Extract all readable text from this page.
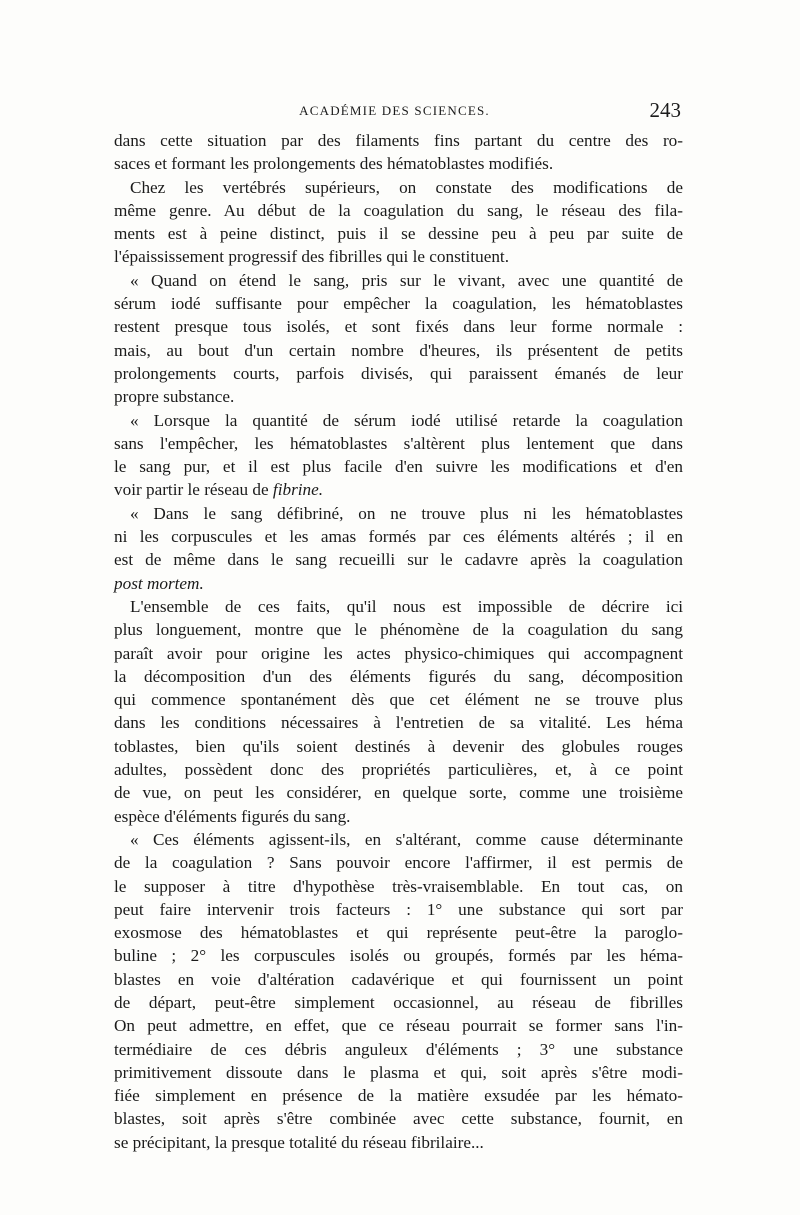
ACADÉMIE DES SCIENCES.	243
dans cette situation par des filaments fins partant du centre des ro-
saces et formant les prolongements des hématoblastes modifiés.
Chez les vertébrés supérieurs, on constate des modifications de
même genre. Au début de la coagulation du sang, le réseau des fila-
ments est à peine distinct, puis il se dessine peu à peu par suite de
l'épaississement progressif des fibrilles qui le constituent.
« Quand on étend le sang, pris sur le vivant, avec une quantité de
sérum iodé suffisante pour empêcher la coagulation, les hématoblastes
restent presque tous isolés, et sont fixés dans leur forme normale :
mais, au bout d'un certain nombre d'heures, ils présentent de petits
prolongements courts, parfois divisés, qui paraissent émanés de leur
propre substance.
« Lorsque la quantité de sérum iodé utilisé retarde la coagulation
sans l'empêcher, les hématoblastes s'altèrent plus lentement que dans
le sang pur, et il est plus facile d'en suivre les modifications et d'en
voir partir le réseau de fibrine.
« Dans le sang défibriné, on ne trouve plus ni les hématoblastes
ni les corpuscules et les amas formés par ces éléments altérés ; il en
est de même dans le sang recueilli sur le cadavre après la coagulation
post mortem.
L'ensemble de ces faits, qu'il nous est impossible de décrire ici
plus longuement, montre que le phénomène de la coagulation du sang
paraît avoir pour origine les actes physico-chimiques qui accompagnent
la décomposition d'un des éléments figurés du sang, décomposition
qui commence spontanément dès que cet élément ne se trouve plus
dans les conditions nécessaires à l'entretien de sa vitalité. Les héma
toblastes, bien qu'ils soient destinés à devenir des globules rouges
adultes, possèdent donc des propriétés particulières, et, à ce point
de vue, on peut les considérer, en quelque sorte, comme une troisième
espèce d'éléments figurés du sang.
« Ces éléments agissent-ils, en s'altérant, comme cause déterminante
de la coagulation ? Sans pouvoir encore l'affirmer, il est permis de
le supposer à titre d'hypothèse très-vraisemblable. En tout cas, on
peut faire intervenir trois facteurs : 1° une substance qui sort par
exosmose des hématoblastes et qui représente peut-être la paroglo-
buline ; 2° les corpuscules isolés ou groupés, formés par les héma-
blastes en voie d'altération cadavérique et qui fournissent un point
de départ, peut-être simplement occasionnel, au réseau de fibrilles
On peut admettre, en effet, que ce réseau pourrait se former sans l'in-
termédiaire de ces débris anguleux d'éléments ; 3° une substance
primitivement dissoute dans le plasma et qui, soit après s'être modi-
fiée simplement en présence de la matière exsudée par les hémato-
blastes, soit après s'être combinée avec cette substance, fournit, en
se précipitant, la presque totalité du réseau fibrilaire...
